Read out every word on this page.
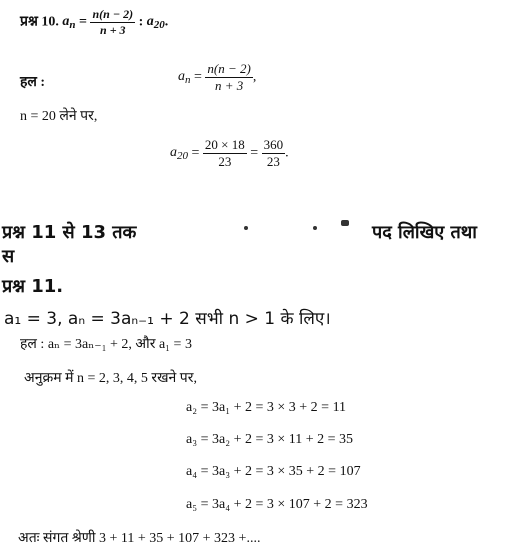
प्रश्न 10. $a_n = \frac{n(n - 2)}{n + 3}$ : $a_{20}$.
हल :	$a_n = \frac{n(n - 2)}{n + 3}$ ,
n = 20 लेने पर,
$a_{20} = \frac{20 \times 18}{23} = \frac{360}{23}$ .
प्रश्न 11 से 13 तक	पद लिखिए तथा
स
प्रश्न 11.
a₁ = 3, aₙ = 3aₙ₋₁ + 2 सभी n > 1 के लिए।
हल : aₙ = 3aₙ₋₁ + 2, और a₁ = 3
अनुक्रम में n = 2, 3, 4, 5 रखने पर,
a₂ = 3a₁ + 2 = 3 × 3 + 2 = 11
a₃ = 3a₂ + 2 = 3 × 11 + 2 = 35
a₄ = 3a₃ + 2 = 3 × 35 + 2 = 107
a₅ = 3a₄ + 2 = 3 × 107 + 2 = 323
अतः संगत श्रेणी 3 + 11 + 35 + 107 + 323 +....
